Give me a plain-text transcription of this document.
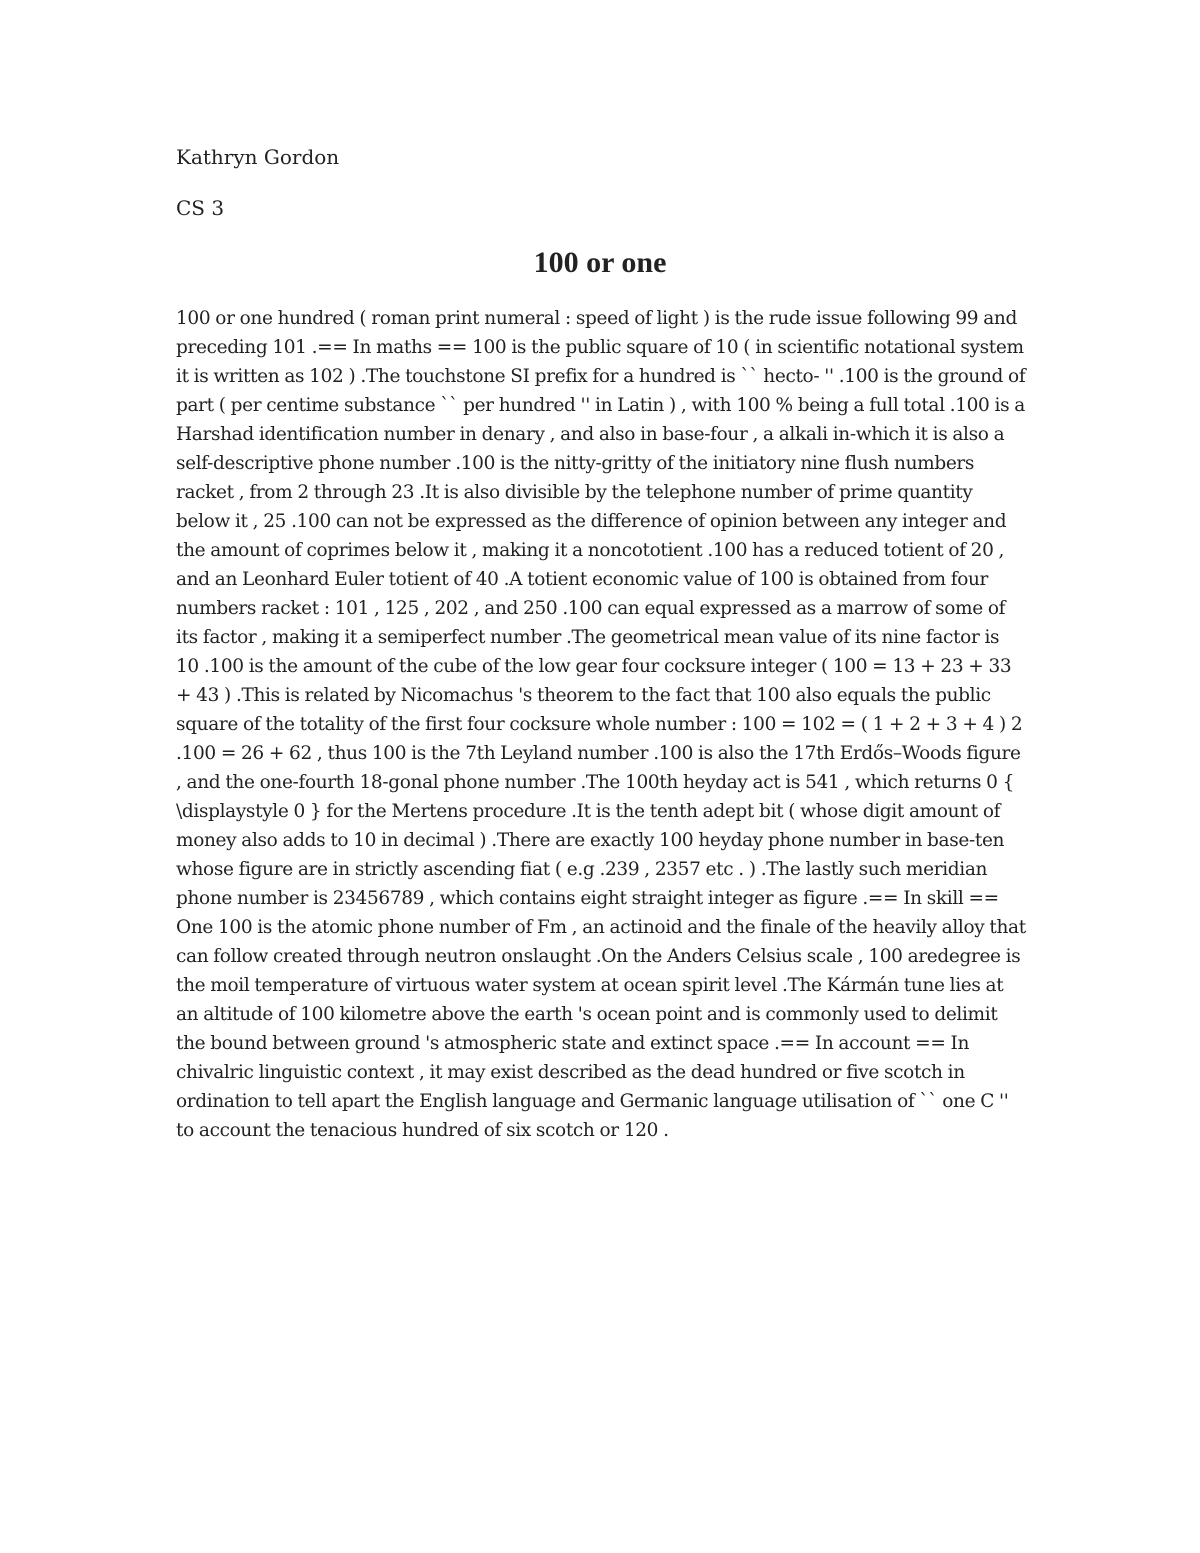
Kathryn Gordon
CS 3
100 or one

100 or one hundred ( roman print numeral : speed of light ) is the rude issue following 99 and preceding 101 .== In maths == 100 is the public square of 10 ( in scientific notational system it is written as 102 ) .The touchstone SI prefix for a hundred is `` hecto- '' .100 is the ground of part ( per centime substance `` per hundred '' in Latin ) , with 100 % being a full total .100 is a Harshad identification number in denary , and also in base-four , a alkali in-which it is also a self-descriptive phone number .100 is the nitty-gritty of the initiatory nine flush numbers racket , from 2 through 23 .It is also divisible by the telephone number of prime quantity below it , 25 .100 can not be expressed as the difference of opinion between any integer and the amount of coprimes below it , making it a noncototient .100 has a reduced totient of 20 , and an Leonhard Euler totient of 40 .A totient economic value of 100 is obtained from four numbers racket : 101 , 125 , 202 , and 250 .100 can equal expressed as a marrow of some of its factor , making it a semiperfect number .The geometrical mean value of its nine factor is 10 .100 is the amount of the cube of the low gear four cocksure integer ( 100 = 13 + 23 + 33 + 43 ) .This is related by Nicomachus 's theorem to the fact that 100 also equals the public square of the totality of the first four cocksure whole number : 100 = 102 = ( 1 + 2 + 3 + 4 ) 2 .100 = 26 + 62 , thus 100 is the 7th Leyland number .100 is also the 17th Erdős–Woods figure , and the one-fourth 18-gonal phone number .The 100th heyday act is 541 , which returns 0 { \displaystyle 0 } for the Mertens procedure .It is the tenth adept bit ( whose digit amount of money also adds to 10 in decimal ) .There are exactly 100 heyday phone number in base-ten whose figure are in strictly ascending fiat ( e.g .239 , 2357 etc . ) .The lastly such meridian phone number is 23456789 , which contains eight straight integer as figure .== In skill == One 100 is the atomic phone number of Fm , an actinoid and the finale of the heavily alloy that can follow created through neutron onslaught .On the Anders Celsius scale , 100 aredegree is the moil temperature of virtuous water system at ocean spirit level .The Kármán tune lies at an altitude of 100 kilometre above the earth 's ocean point and is commonly used to delimit the bound between ground 's atmospheric state and extinct space .== In account == In chivalric linguistic context , it may exist described as the dead hundred or five scotch in ordination to tell apart the English language and Germanic language utilisation of `` one C '' to account the tenacious hundred of six scotch or 120 .
